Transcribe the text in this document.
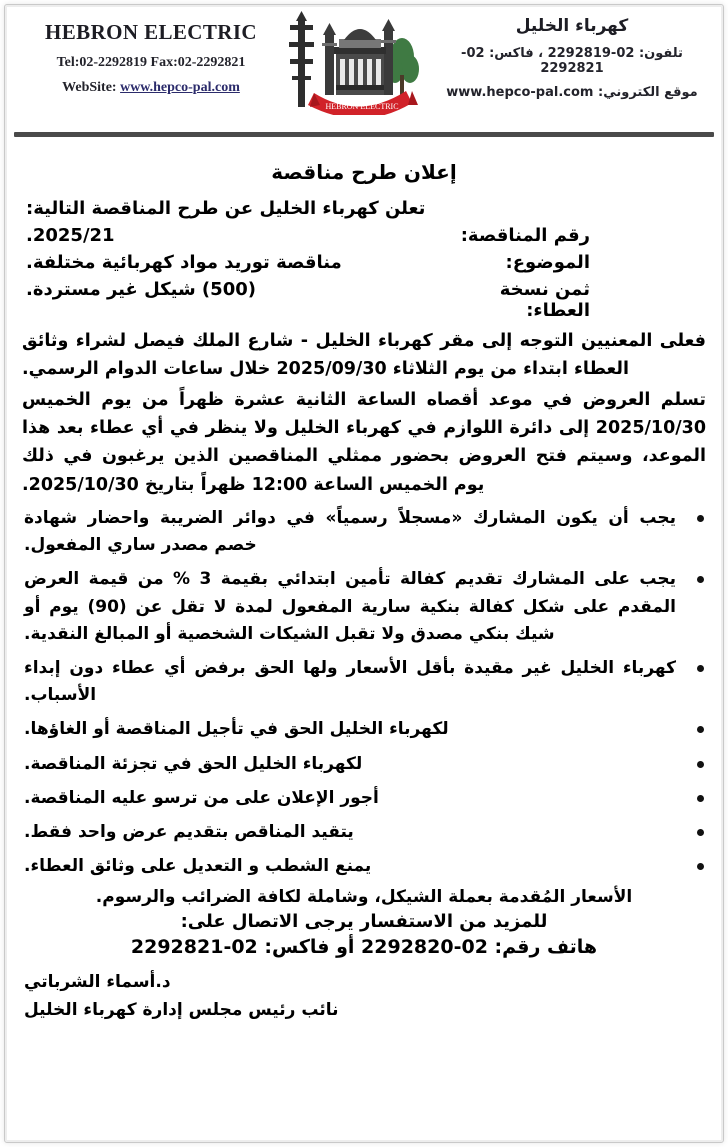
HEBRON ELECTRIC
Tel:02-2292819 Fax:02-2292821
WebSite: www.hepco-pal.com
HEBRON ELECTRIC
كهرباء الخليل
تلفون: 02-2292819 ، فاكس: 02-2292821
موقع الكتروني: www.hepco-pal.com
إعلان طرح مناقصة
تعلن كهرباء الخليل عن طرح المناقصة التالية:
رقم المناقصة:
2025/21.
الموضوع:
مناقصة توريد مواد كهربائية مختلفة.
ثمن نسخة العطاء:
(500) شيكل غير مستردة.

فعلى المعنيين التوجه إلى مقر كهرباء الخليل - شارع الملك فيصل لشراء وثائق العطاء ابتداء من يوم الثلاثاء 2025/09/30 خلال ساعات الدوام الرسمي.

تسلم العروض في موعد أقصاه الساعة الثانية عشرة ظهراً من يوم الخميس 2025/10/30 إلى دائرة اللوازم في كهرباء الخليل ولا ينظر في أي عطاء بعد هذا الموعد، وسيتم فتح العروض بحضور ممثلي المناقصين الذين يرغبون في ذلك يوم الخميس الساعة 12:00 ظهراً بتاريخ 2025/10/30.

يجب أن يكون المشارك «مسجلاً رسمياً» في دوائر الضريبة واحضار شهادة خصم مصدر ساري المفعول.
يجب على المشارك تقديم كفالة تأمين ابتدائي بقيمة 3 % من قيمة العرض المقدم على شكل كفالة بنكية سارية المفعول لمدة لا تقل عن (90) يوم أو شيك بنكي مصدق ولا تقبل الشيكات الشخصية أو المبالغ النقدية.
كهرباء الخليل غير مقيدة بأقل الأسعار ولها الحق برفض أي عطاء دون إبداء الأسباب.
لكهرباء الخليل الحق في تأجيل المناقصة أو الغاؤها.
لكهرباء الخليل الحق في تجزئة المناقصة.
أجور الإعلان على من ترسو عليه المناقصة.
يتقيد المناقص بتقديم عرض واحد فقط.
يمنع الشطب و التعديل على وثائق العطاء.
الأسعار المُقدمة بعملة الشيكل، وشاملة لكافة الضرائب والرسوم.
للمزيد من الاستفسار يرجى الاتصال على:
هاتف رقم: 02-2292820 أو فاكس: 02-2292821
د.أسماء الشرباتي
نائب رئيس مجلس إدارة كهرباء الخليل
